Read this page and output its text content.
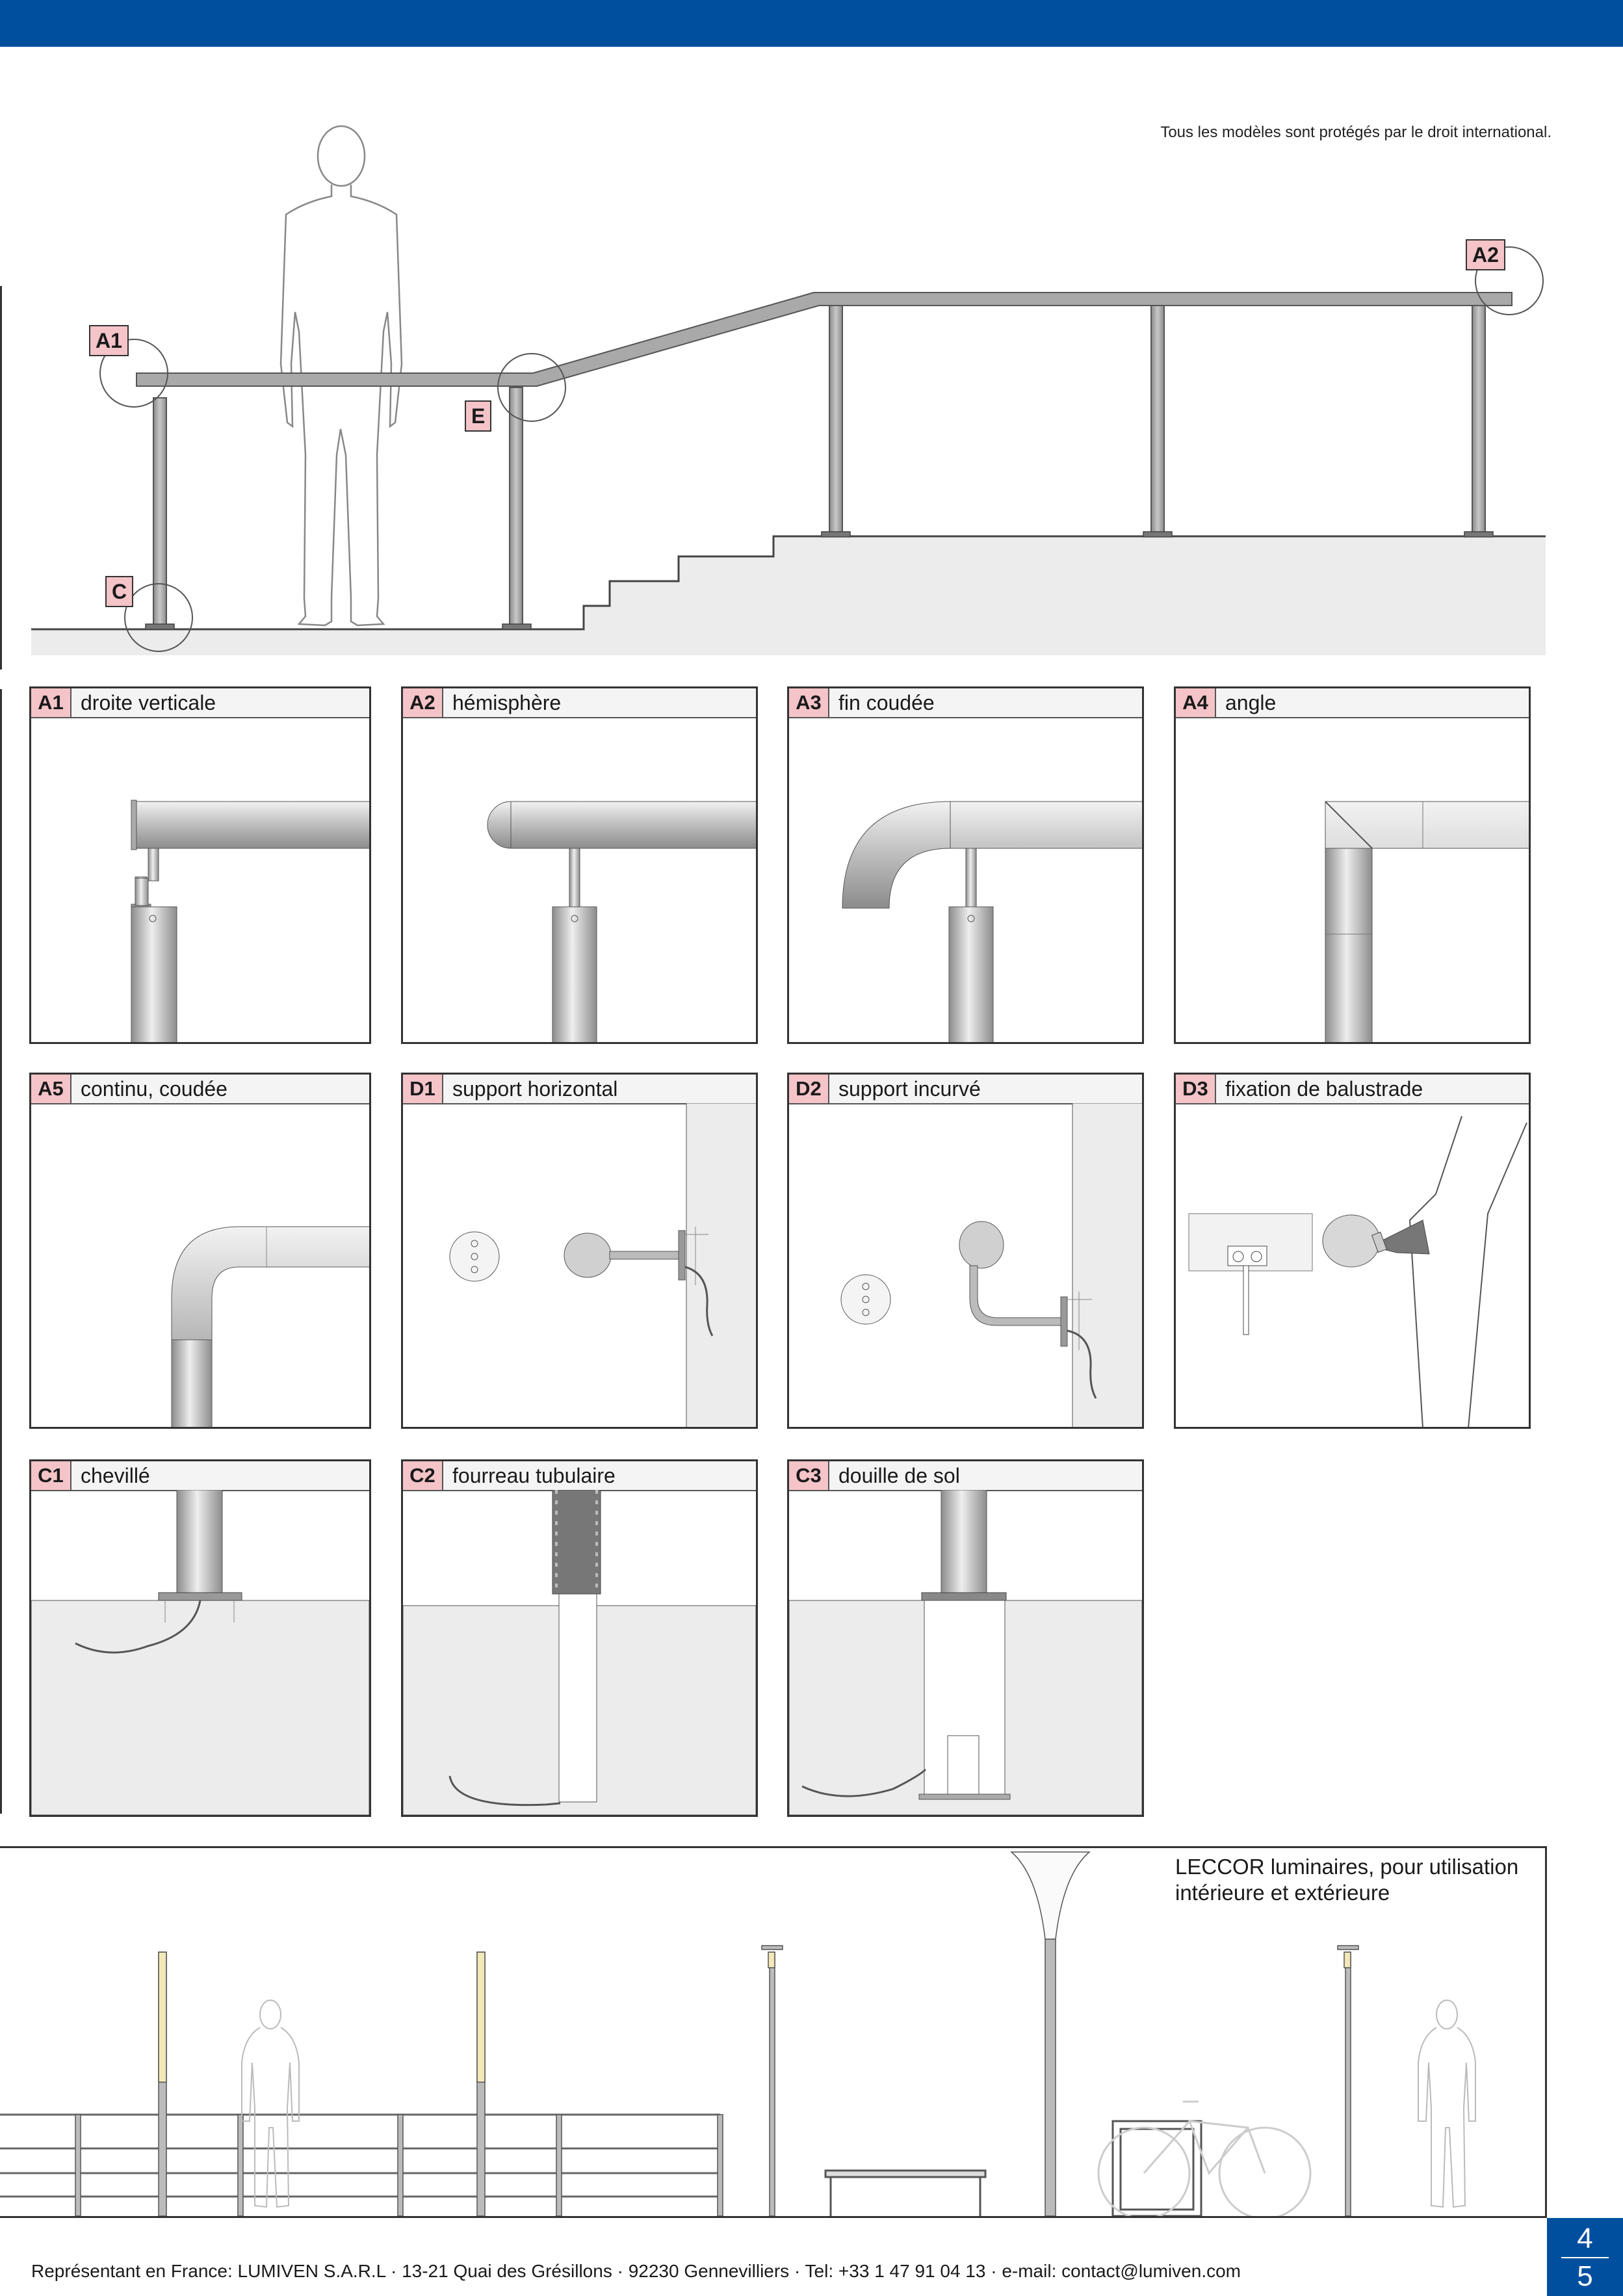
Tous les modèles sont protégés par le droit international.
A1
A2
E
C
A1 droite verticale	A2 hémisphère	A3 fin coudée	A4 angle
A5 continu, coudée	D1 support horizontal	D2 support incurvé	D3 fixation de balustrade
C1 chevillé	C2 fourreau tubulaire	C3 douille de sol
LECCOR luminaires, pour utilisation
intérieure et extérieure
Représentant en France: LUMIVEN S.A.R.L · 13-21 Quai des Grésillons · 92230 Gennevilliers · Tel: +33 1 47 91 04 13 · e-mail: contact@lumiven.com
4
5
